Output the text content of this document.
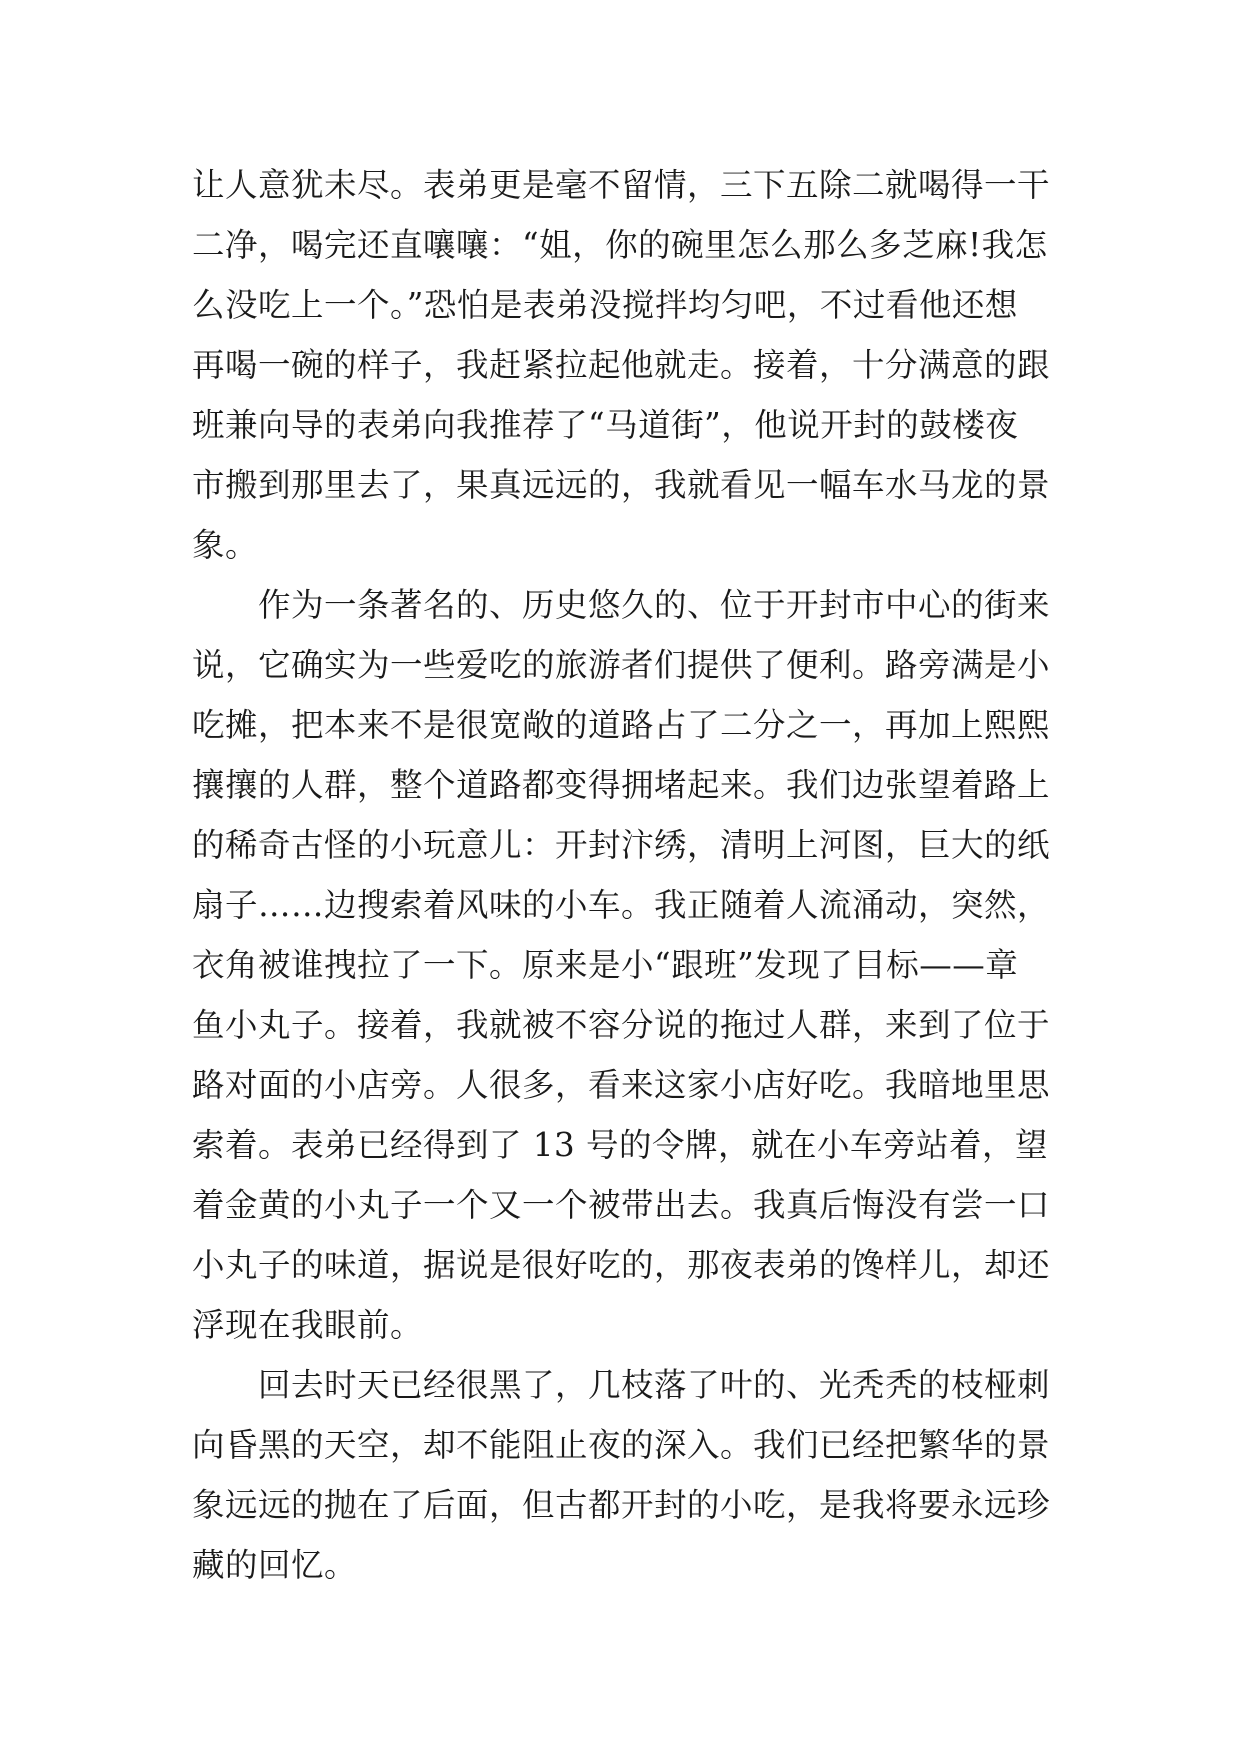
让人意犹未尽。表弟更是毫不留情，三下五除二就喝得一干
二净，喝完还直嚷嚷：“姐，你的碗里怎么那么多芝麻!我怎
么没吃上一个。”恐怕是表弟没搅拌均匀吧，不过看他还想
再喝一碗的样子，我赶紧拉起他就走。接着，十分满意的跟
班兼向导的表弟向我推荐了“马道街”，他说开封的鼓楼夜
市搬到那里去了，果真远远的，我就看见一幅车水马龙的景
象。
作为一条著名的、历史悠久的、位于开封市中心的街来
说，它确实为一些爱吃的旅游者们提供了便利。路旁满是小
吃摊，把本来不是很宽敞的道路占了二分之一，再加上熙熙
攘攘的人群，整个道路都变得拥堵起来。我们边张望着路上
的稀奇古怪的小玩意儿：开封汴绣，清明上河图，巨大的纸
扇子……边搜索着风味的小车。我正随着人流涌动，突然，
衣角被谁拽拉了一下。原来是小“跟班”发现了目标——章
鱼小丸子。接着，我就被不容分说的拖过人群，来到了位于
路对面的小店旁。人很多，看来这家小店好吃。我暗地里思
索着。表弟已经得到了 13 号的令牌，就在小车旁站着，望
着金黄的小丸子一个又一个被带出去。我真后悔没有尝一口
小丸子的味道，据说是很好吃的，那夜表弟的馋样儿，却还
浮现在我眼前。
回去时天已经很黑了，几枝落了叶的、光秃秃的枝桠刺
向昏黑的天空，却不能阻止夜的深入。我们已经把繁华的景
象远远的抛在了后面，但古都开封的小吃，是我将要永远珍
藏的回忆。
